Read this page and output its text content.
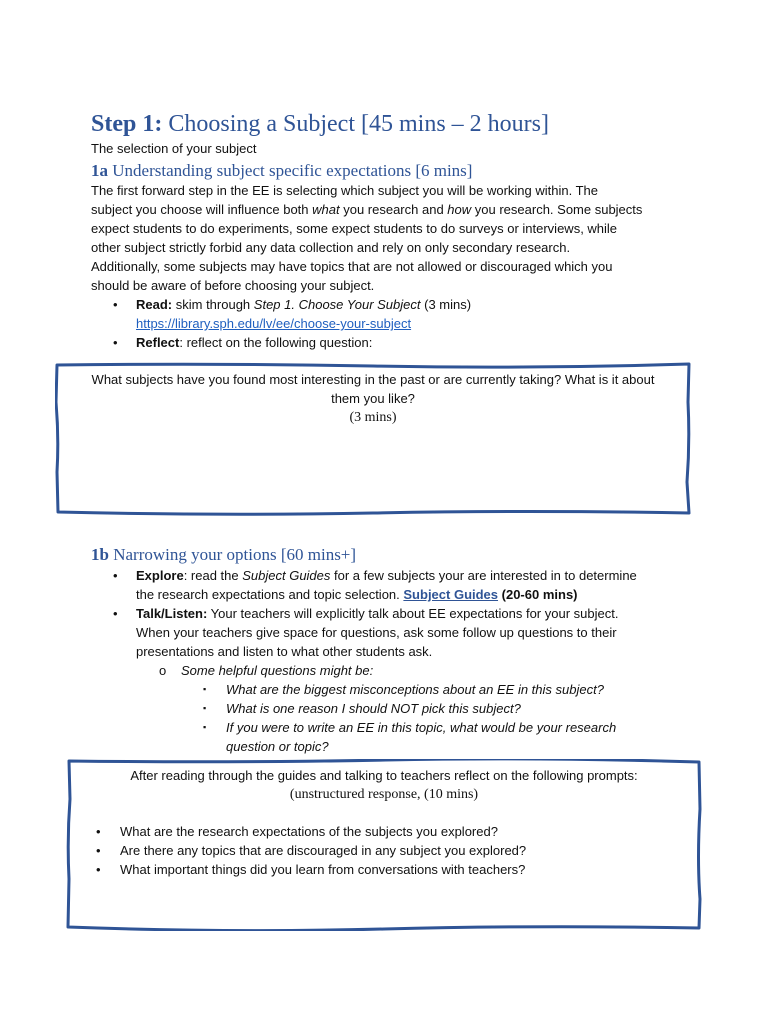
Step 1: Choosing a Subject [45 mins – 2 hours]
The selection of your subject
1a Understanding subject specific expectations [6 mins]
The first forward step in the EE is selecting which subject you will be working within. The
subject you choose will influence both what you research and how you research. Some subjects
expect students to do experiments, some expect students to do surveys or interviews, while
other subject strictly forbid any data collection and rely on only secondary research.
Additionally, some subjects may have topics that are not allowed or discouraged which you
should be aware of before choosing your subject.
• Read: skim through Step 1. Choose Your Subject (3 mins)
https://library.sph.edu/lv/ee/choose-your-subject
• Reflect: reflect on the following question:
What subjects have you found most interesting in the past or are currently taking? What is it about
them you like?
(3 mins)
1b Narrowing your options [60 mins+]
• Explore: read the Subject Guides for a few subjects your are interested in to determine
the research expectations and topic selection. Subject Guides (20-60 mins)
• Talk/Listen: Your teachers will explicitly talk about EE expectations for your subject.
When your teachers give space for questions, ask some follow up questions to their
presentations and listen to what other students ask.
o Some helpful questions might be:
▪ What are the biggest misconceptions about an EE in this subject?
▪ What is one reason I should NOT pick this subject?
▪ If you were to write an EE in this topic, what would be your research
question or topic?
After reading through the guides and talking to teachers reflect on the following prompts:
(unstructured response, (10 mins)
• What are the research expectations of the subjects you explored?
• Are there any topics that are discouraged in any subject you explored?
• What important things did you learn from conversations with teachers?
